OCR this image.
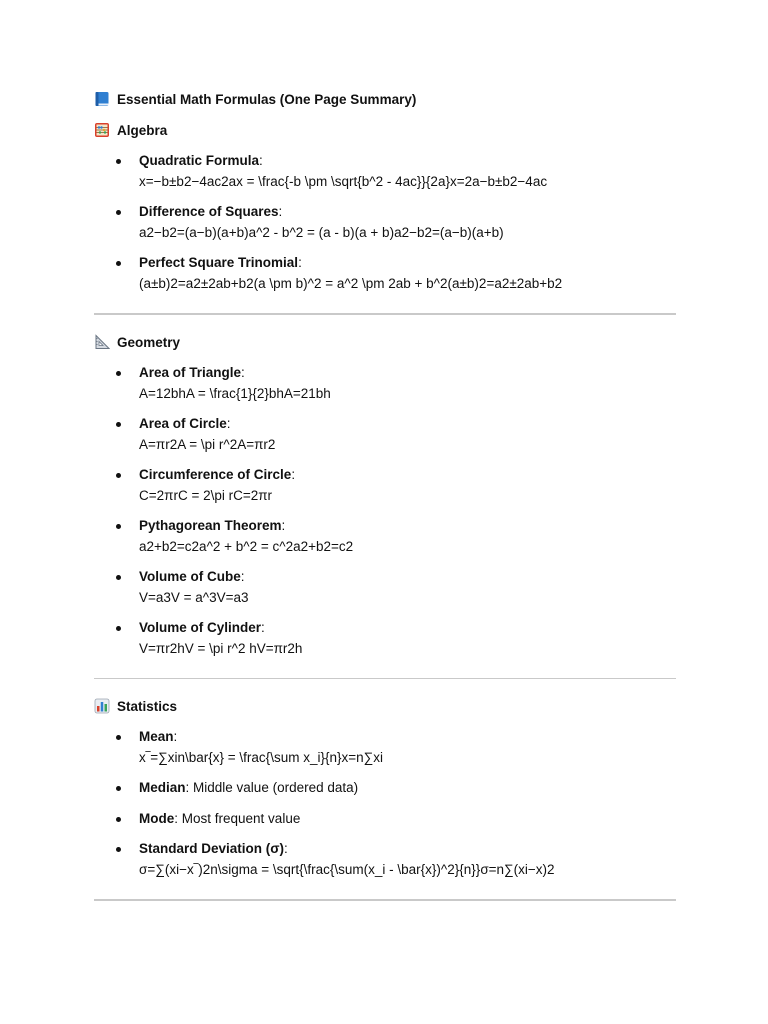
Essential Math Formulas (One Page Summary)
Algebra
Quadratic Formula:
x=−b±b2−4ac2ax = \frac{-b \pm \sqrt{b^2 - 4ac}}{2a}x=2a−b±b2−4ac
Difference of Squares:
a2−b2=(a−b)(a+b)a^2 - b^2 = (a - b)(a + b)a2−b2=(a−b)(a+b)
Perfect Square Trinomial:
(a±b)2=a2±2ab+b2(a \pm b)^2 = a^2 \pm 2ab + b^2(a±b)2=a2±2ab+b2
Geometry
Area of Triangle:
A=12bhA = \frac{1}{2}bhA=21bh
Area of Circle:
A=πr2A = \pi r^2A=πr2
Circumference of Circle:
C=2πrC = 2\pi rC=2πr
Pythagorean Theorem:
a2+b2=c2a^2 + b^2 = c^2a2+b2=c2
Volume of Cube:
V=a3V = a^3V=a3
Volume of Cylinder:
V=πr2hV = \pi r^2 hV=πr2h
Statistics
Mean:
x‾=∑xin\bar{x} = \frac{\sum x_i}{n}x=n∑xi
Median: Middle value (ordered data)
Mode: Most frequent value
Standard Deviation (σ):
σ=∑(xi−x‾)2n\sigma = \sqrt{\frac{\sum(x_i - \bar{x})^2}{n}}σ=n∑(xi−x)2
